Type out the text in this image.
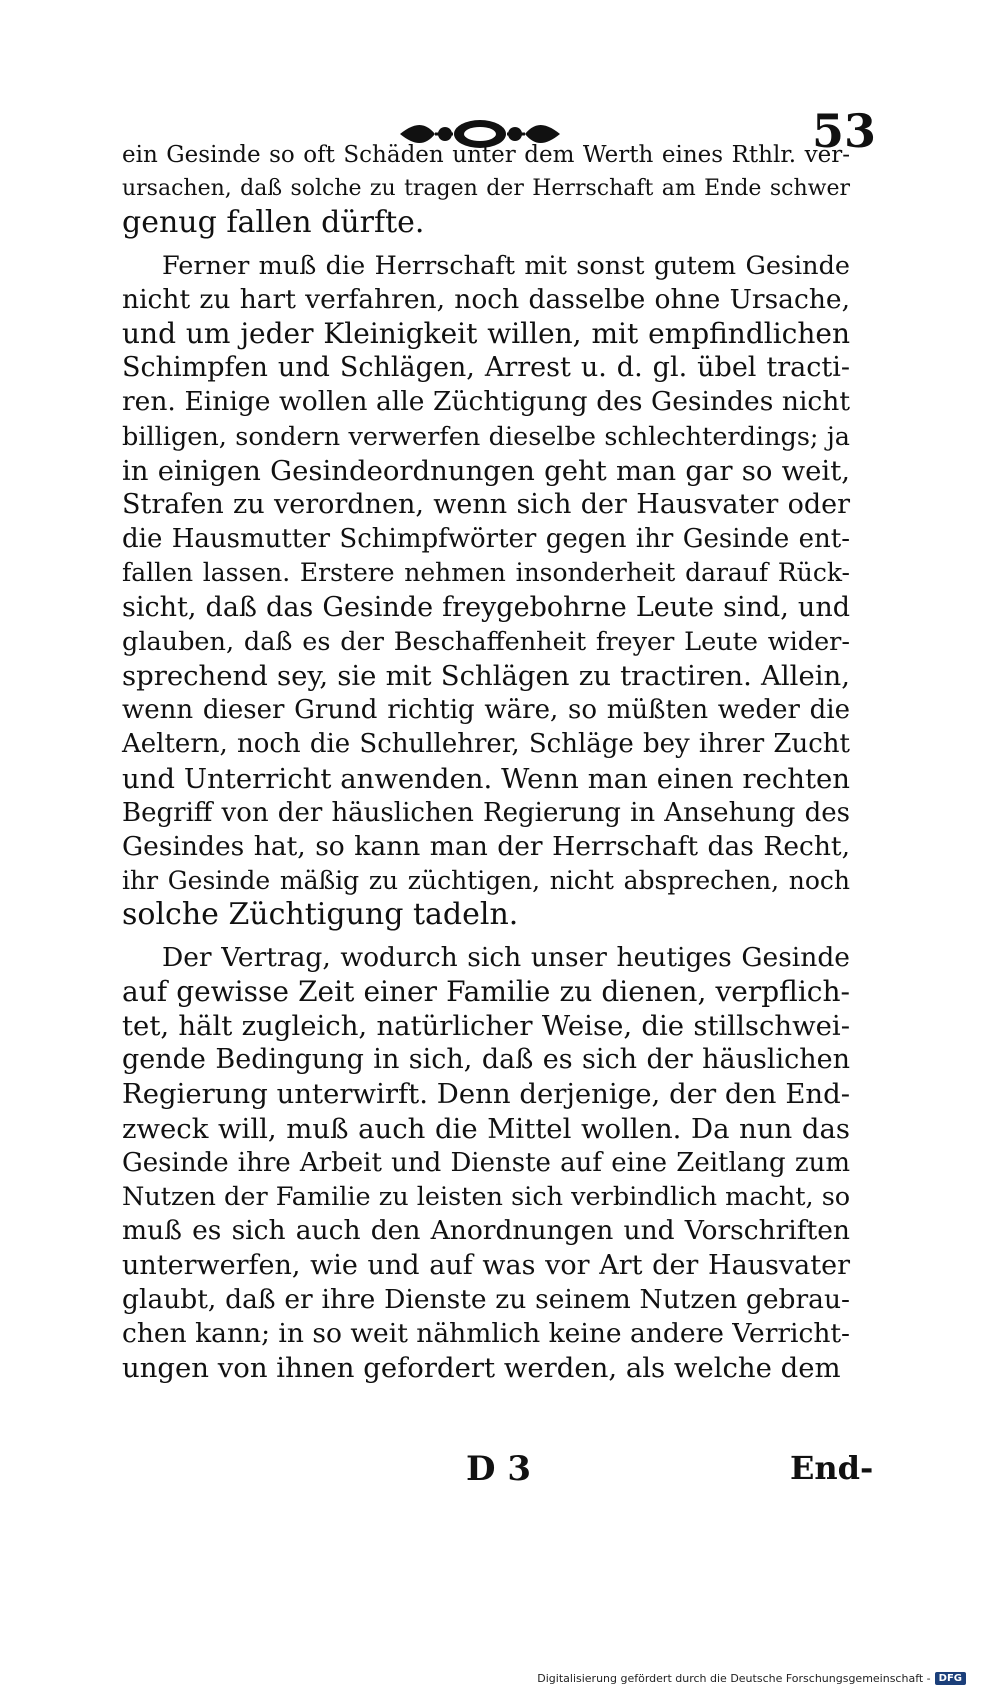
53
ein Gesinde so oft Schäden unter dem Werth eines Rthlr. ver-
ursachen, daß solche zu tragen der Herrschaft am Ende schwer
genug fallen dürfte.
Ferner muß die Herrschaft mit sonst gutem Gesinde
nicht zu hart verfahren, noch dasselbe ohne Ursache,
und um jeder Kleinigkeit willen, mit empfindlichen
Schimpfen und Schlägen, Arrest u. d. gl. übel tracti-
ren. Einige wollen alle Züchtigung des Gesindes nicht
billigen, sondern verwerfen dieselbe schlechterdings; ja
in einigen Gesindeordnungen geht man gar so weit,
Strafen zu verordnen, wenn sich der Hausvater oder
die Hausmutter Schimpfwörter gegen ihr Gesinde ent-
fallen lassen. Erstere nehmen insonderheit darauf Rück-
sicht, daß das Gesinde freygebohrne Leute sind, und
glauben, daß es der Beschaffenheit freyer Leute wider-
sprechend sey, sie mit Schlägen zu tractiren. Allein,
wenn dieser Grund richtig wäre, so müßten weder die
Aeltern, noch die Schullehrer, Schläge bey ihrer Zucht
und Unterricht anwenden. Wenn man einen rechten
Begriff von der häuslichen Regierung in Ansehung des
Gesindes hat, so kann man der Herrschaft das Recht,
ihr Gesinde mäßig zu züchtigen, nicht absprechen, noch
solche Züchtigung tadeln.
Der Vertrag, wodurch sich unser heutiges Gesinde
auf gewisse Zeit einer Familie zu dienen, verpflich-
tet, hält zugleich, natürlicher Weise, die stillschwei-
gende Bedingung in sich, daß es sich der häuslichen
Regierung unterwirft. Denn derjenige, der den End-
zweck will, muß auch die Mittel wollen. Da nun das
Gesinde ihre Arbeit und Dienste auf eine Zeitlang zum
Nutzen der Familie zu leisten sich verbindlich macht, so
muß es sich auch den Anordnungen und Vorschriften
unterwerfen, wie und auf was vor Art der Hausvater
glaubt, daß er ihre Dienste zu seinem Nutzen gebrau-
chen kann; in so weit nähmlich keine andere Verricht-
ungen von ihnen gefordert werden, als welche dem
D 3	End-
Digitalisierung gefördert durch die Deutsche Forschungsgemeinschaft - DFG
